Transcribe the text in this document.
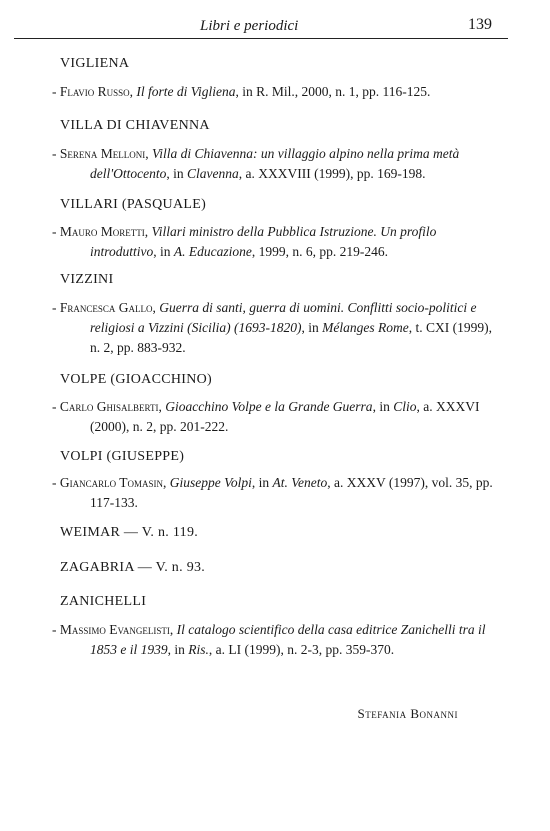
Libri e periodici	139
VIGLIENA
- Flavio Russo, Il forte di Vigliena, in R. Mil., 2000, n. 1, pp. 116-125.
VILLA DI CHIAVENNA
- Serena Melloni, Villa di Chiavenna: un villaggio alpino nella prima metà dell'Ottocento, in Clavenna, a. XXXVIII (1999), pp. 169-198.
VILLARI (PASQUALE)
- Mauro Moretti, Villari ministro della Pubblica Istruzione. Un profilo introduttivo, in A. Educazione, 1999, n. 6, pp. 219-246.
VIZZINI
- Francesca Gallo, Guerra di santi, guerra di uomini. Conflitti socio-politici e religiosi a Vizzini (Sicilia) (1693-1820), in Mélanges Rome, t. CXI (1999), n. 2, pp. 883-932.
VOLPE (GIOACCHINO)
- Carlo Ghisalberti, Gioacchino Volpe e la Grande Guerra, in Clio, a. XXXVI (2000), n. 2, pp. 201-222.
VOLPI (GIUSEPPE)
- Giancarlo Tomasin, Giuseppe Volpi, in At. Veneto, a. XXXV (1997), vol. 35, pp. 117-133.
WEIMAR — V. n. 119.
ZAGABRIA — V. n. 93.
ZANICHELLI
- Massimo Evangelisti, Il catalogo scientifico della casa editrice Zanichelli tra il 1853 e il 1939, in Ris., a. LI (1999), n. 2-3, pp. 359-370.
Stefania Bonanni
